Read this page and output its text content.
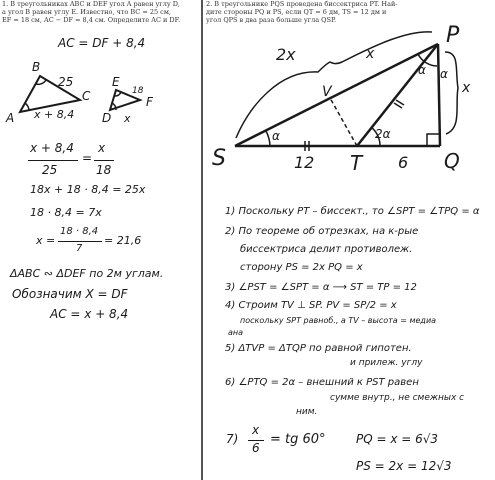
1. В треугольниках ABC и DEF угол A равен углу D,
а угол B равен углу E. Известно, что BC = 25 см,
EF = 18 см, AC − DF = 8,4 см. Определите AC и DF.
2. В треугольнике PQS проведена биссектриса PT. Най-
дите стороны PQ и PS, если QT = 6 дм, TS = 12 дм и
угол QPS в два раза больше угла QSP.
AC = DF + 8,4
B
A
C
25
x + 8,4
E
D
F
18
x
x + 8,4
25
=
x
18
18x + 18 · 8,4 = 25x
18 · 8,4 = 7x
x =
18 · 8,4
7
= 21,6
ΔABC ∾ ΔDEF по 2м углам.
Обозначим X = DF
AC = x + 8,4
S	T	Q
P
V
12	6
2x	x
x
α	2α
α α
1) Поскольку PT – биссект., то ∠SPT = ∠TPQ = α
2) По теореме об отрезках, на к-рые
биссектриса делит противолеж.
сторону PS = 2x PQ = x
3) ∠PST = ∠SPT = α ⟶ ST = TP = 12
4) Строим TV ⊥ SP. PV = SP/2 = x
поскольку SPT равноб., а TV – высота = медиа
ана
5) ΔTVP = ΔTQP по равной гипотен.
и прилеж. углу
6) ∠PTQ = 2α – внешний к PST равен
сумме внутр., не смежных с
ним.
7)
x
6
= tg 60°	PQ = x = 6√3
PS = 2x = 12√3
